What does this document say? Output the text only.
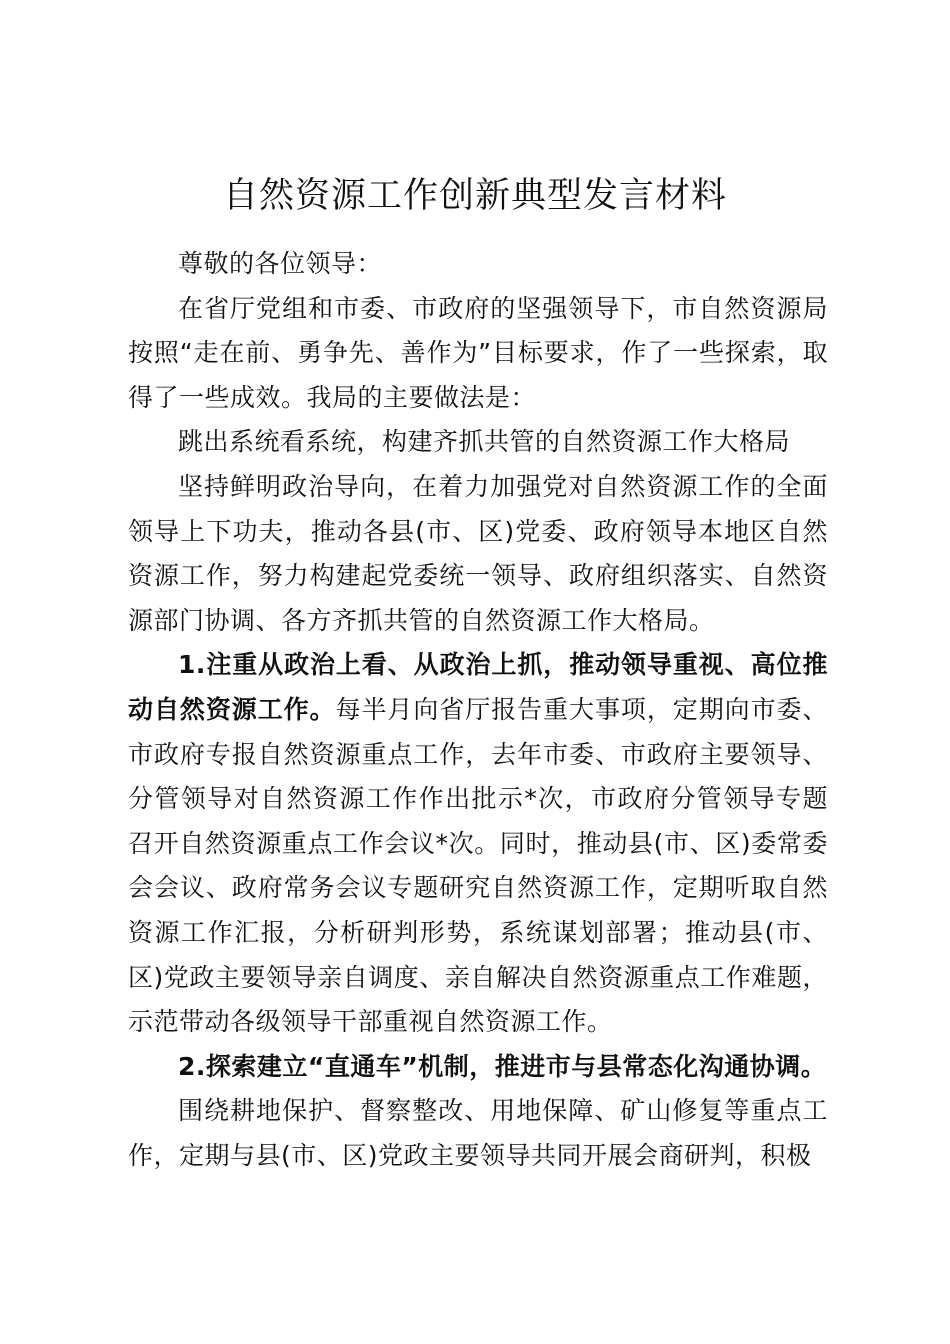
自然资源工作创新典型发言材料

尊敬的各位领导：

在省厅党组和市委、市政府的坚强领导下，市自然资源局按照“走在前、勇争先、善作为”目标要求，作了一些探索，取得了一些成效。我局的主要做法是：

跳出系统看系统，构建齐抓共管的自然资源工作大格局

坚持鲜明政治导向，在着力加强党对自然资源工作的全面领导上下功夫，推动各县(市、区)党委、政府领导本地区自然资源工作，努力构建起党委统一领导、政府组织落实、自然资源部门协调、各方齐抓共管的自然资源工作大格局。

1.注重从政治上看、从政治上抓，推动领导重视、高位推动自然资源工作。每半月向省厅报告重大事项，定期向市委、市政府专报自然资源重点工作，去年市委、市政府主要领导、分管领导对自然资源工作作出批示*次，市政府分管领导专题召开自然资源重点工作会议*次。同时，推动县(市、区)委常委会会议、政府常务会议专题研究自然资源工作，定期听取自然资源工作汇报，分析研判形势，系统谋划部署；推动县(市、区)党政主要领导亲自调度、亲自解决自然资源重点工作难题，示范带动各级领导干部重视自然资源工作。

2.探索建立“直通车”机制，推进市与县常态化沟通协调。

围绕耕地保护、督察整改、用地保障、矿山修复等重点工作，定期与县(市、区)党政主要领导共同开展会商研判，积极
